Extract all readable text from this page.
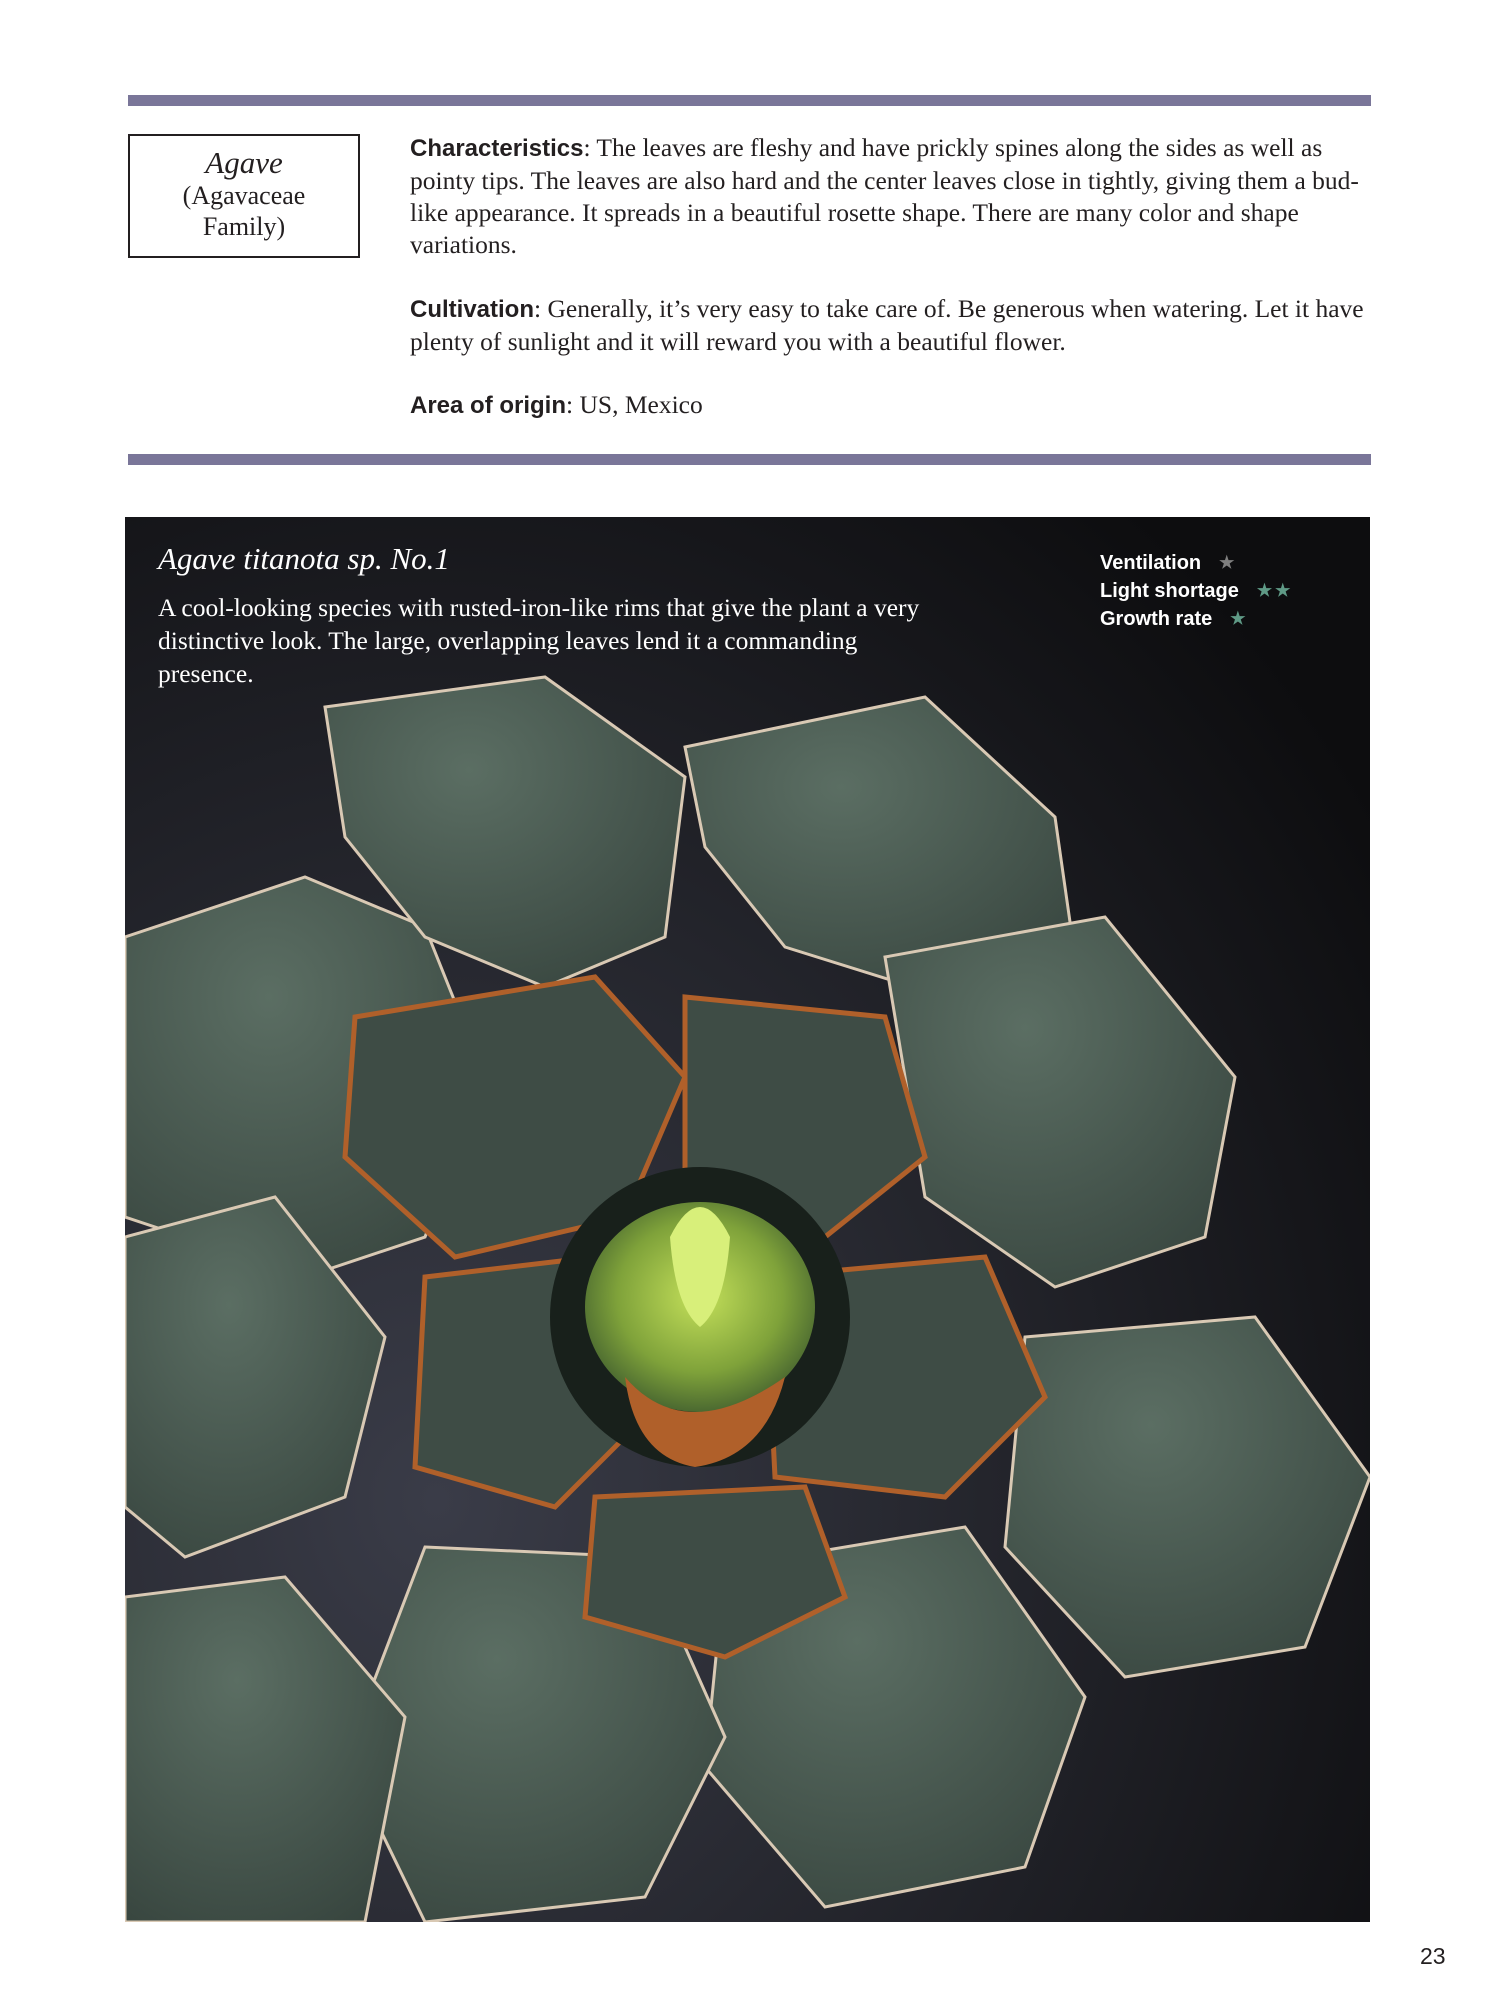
Agave
(Agavaceae
Family)
Characteristics: The leaves are fleshy and have prickly spines along the sides as well as pointy tips. The leaves are also hard and the center leaves close in tightly, giving them a bud-like appearance. It spreads in a beautiful rosette shape. There are many color and shape variations.
Cultivation: Generally, it’s very easy to take care of. Be generous when watering. Let it have plenty of sunlight and it will reward you with a beautiful flower.
Area of origin: US, Mexico
Agave titanota sp. No.1
A cool-looking species with rusted-iron-like rims that give the plant a very distinctive look. The large, overlapping leaves lend it a commanding presence.
Ventilation ★
Light shortage ★★
Growth rate ★
23
